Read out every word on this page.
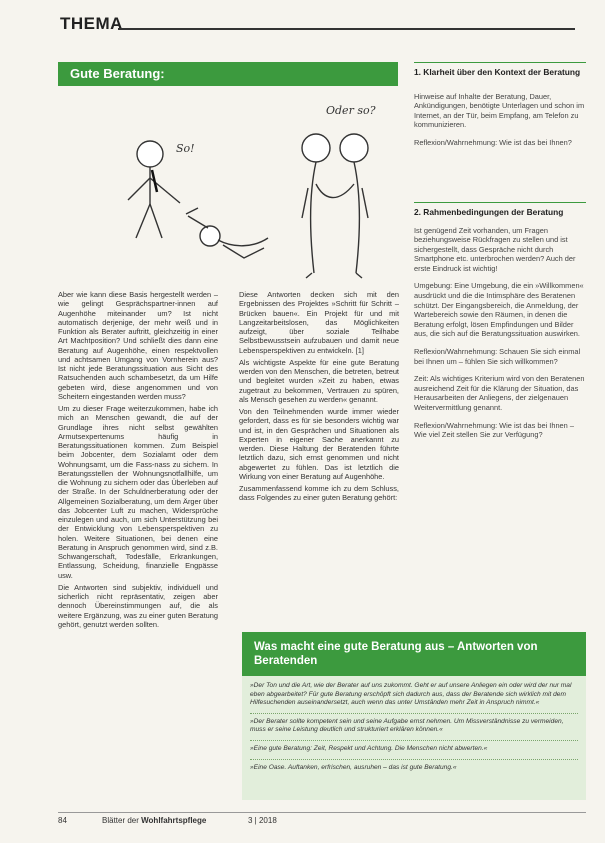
THEMA
Gute Beratung:
So!
Oder so?

Aber wie kann diese Basis hergestellt werden – wie gelingt Gesprächspartner-innen auf Augenhöhe miteinander um? Ist nicht automatisch derjenige, der mehr weiß und in Funktion als Berater auftritt, gleichzeitig in einer Art Machtposition? Und schließt dies dann eine Beratung auf Augenhöhe, einen respektvollen und achtsamen Umgang von Vornherein aus? Ist nicht jede Beratungssituation aus Sicht des Ratsuchenden auch schambesetzt, da um Hilfe gebeten wird, diese angenommen und von Scheitern eingestanden werden muss?

Um zu dieser Frage weiterzukommen, habe ich mich an Menschen gewandt, die auf der Grundlage ihres nicht selbst gewählten Armutsexpertenums häufig in Beratungssituationen kommen. Zum Beispiel beim Jobcenter, dem Sozialamt oder dem Wohnungsamt, um die Fass-nass zu sichern. In Beratungsstellen der Wohnungsnotfallhilfe, um die Wohnung zu sichern oder das Überleben auf der Straße. In der Schuldnerberatung oder der Allgemeinen Sozialberatung, um dem Ärger über das Jobcenter Luft zu machen, Widersprüche einzulegen und auch, um sich Unterstützung bei der Entwicklung von Lebensperspektiven zu holen. Weitere Situationen, bei denen eine Beratung in Anspruch genommen wird, sind z.B. Schwangerschaft, Todesfälle, Erkrankungen, Entlassung, Scheidung, finanzielle Engpässe usw.

Die Antworten sind subjektiv, individuell und sicherlich nicht repräsentativ, zeigen aber dennoch Übereinstimmungen auf, die als weitere Ergänzung, was zu einer guten Beratung gehört, genutzt werden sollten.

Diese Antworten decken sich mit den Ergebnissen des Projektes »Schritt für Schritt – Brücken bauen«. Ein Projekt für und mit Langzeitarbeitslosen, das Möglichkeiten aufzeigt, über soziale Teilhabe Selbstbewusstsein aufzubauen und damit neue Lebensperspektiven zu entwickeln. [1]

Als wichtigste Aspekte für eine gute Beratung werden von den Menschen, die betreten, betreut und begleitet wurden »Zeit zu haben, etwas zugetraut zu bekommen, Vertrauen zu spüren, als Mensch gesehen zu werden« genannt.

Von den Teilnehmenden wurde immer wieder gefordert, dass es für sie besonders wichtig war und ist, in den Gesprächen und Situationen als Experten in eigener Sache anerkannt zu werden. Diese Haltung der Beratenden führte letztlich dazu, sich ernst genommen und nicht abgewertet zu fühlen. Das ist letztlich die Wirkung von einer Beratung auf Augenhöhe.

Zusammenfassend komme ich zu dem Schluss, dass Folgendes zu einer guten Beratung gehört:

1. Klarheit über den Kontext der Beratung

Hinweise auf Inhalte der Beratung, Dauer, Ankündigungen, benötigte Unterlagen und schon im Internet, an der Tür, beim Empfang, am Telefon zu kommunizieren.

Reflexion/Wahrnehmung: Wie ist das bei Ihnen?

2. Rahmenbedingungen der Beratung

Ist genügend Zeit vorhanden, um Fragen beziehungsweise Rückfragen zu stellen und ist sichergestellt, dass Gespräche nicht durch Smartphone etc. unterbrochen werden? Auch der erste Eindruck ist wichtig!

Umgebung: Eine Umgebung, die ein »Willkommen« ausdrückt und die die Intimsphäre des Beratenen schützt. Der Eingangsbereich, die Anmeldung, der Wartebereich sowie den Räumen, in denen die Beratung erfolgt, lösen Empfindungen und Bilder aus, die sich auf die Beratungssituation auswirken.

Reflexion/Wahrnehmung: Schauen Sie sich einmal bei Ihnen um – fühlen Sie sich willkommen?

Zeit: Als wichtiges Kriterium wird von den Beratenen ausreichend Zeit für die Klärung der Situation, das Herausarbeiten der Anliegens, der zielgenauen Weitervermittlung genannt.

Reflexion/Wahrnehmung: Wie ist das bei Ihnen – Wie viel Zeit stellen Sie zur Verfügung?

Was macht eine gute Beratung aus – Antworten von Beratenden

»Der Ton und die Art, wie der Berater auf uns zukommt. Geht er auf unsere Anliegen ein oder wird der nur mal eben abgearbeitet? Für gute Beratung erschöpft sich dadurch aus, dass der Beratende sich wirklich mit dem Hilfesuchenden auseinandersetzt, auch wenn das unter Umständen mehr Zeit in Anspruch nimmt.«

»Der Berater sollte kompetent sein und seine Aufgabe ernst nehmen. Um Missverständnisse zu vermeiden, muss er seine Leistung deutlich und strukturiert erklären können.«

»Eine gute Beratung: Zeit, Respekt und Achtung. Die Menschen nicht abwerten.«

»Eine Oase. Auftanken, erfrischen, ausruhen – das ist gute Beratung.«

84	Blätter der Wohlfahrtspflege	3 | 2018
